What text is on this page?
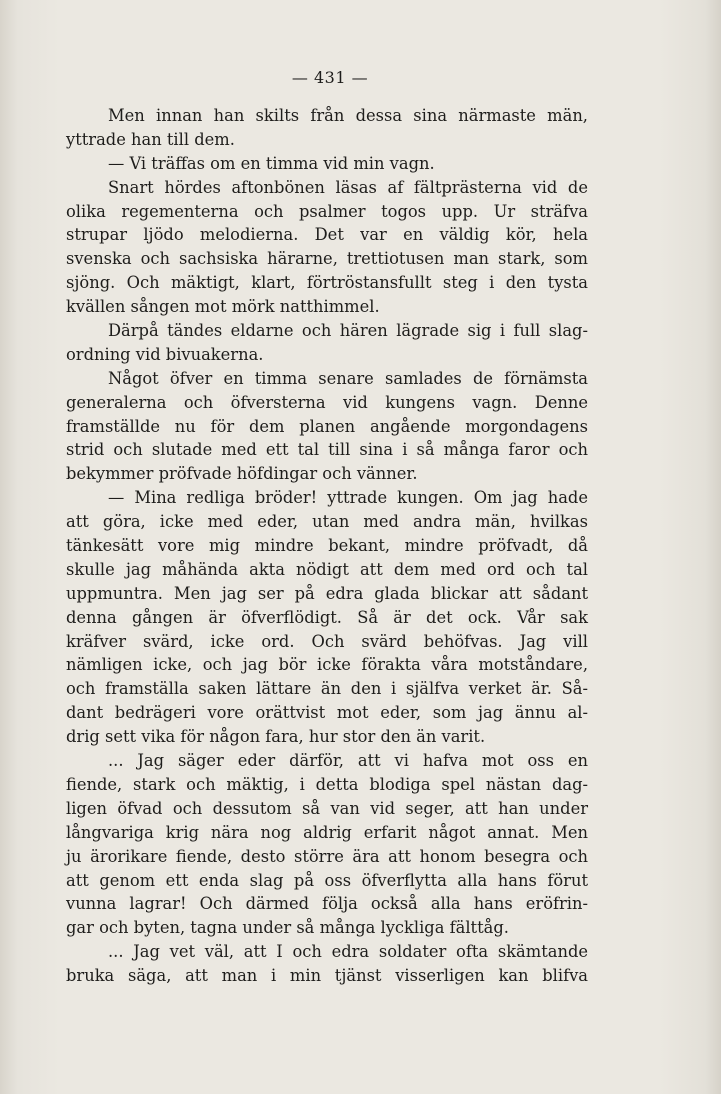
— 431 —
Men innan han skilts från dessa sina närmaste män,
yttrade han till dem.
— Vi träffas om en timma vid min vagn.
Snart hördes aftonbönen läsas af fältprästerna vid de
olika regementerna och psalmer togos upp. Ur sträfva
strupar ljödo melodierna. Det var en väldig kör, hela
svenska och sachsiska härarne, trettiotusen man stark, som
sjöng. Och mäktigt, klart, förtröstansfullt steg i den tysta
kvällen sången mot mörk natthimmel.
Därpå tändes eldarne och hären lägrade sig i full slag-
ordning vid bivuakerna.
Något öfver en timma senare samlades de förnämsta
generalerna och öfversterna vid kungens vagn. Denne
framställde nu för dem planen angående morgondagens
strid och slutade med ett tal till sina i så många faror och
bekymmer pröfvade höfdingar och vänner.
— Mina redliga bröder! yttrade kungen. Om jag hade
att göra, icke med eder, utan med andra män, hvilkas
tänkesätt vore mig mindre bekant, mindre pröfvadt, då
skulle jag måhända akta nödigt att dem med ord och tal
uppmuntra. Men jag ser på edra glada blickar att sådant
denna gången är öfverflödigt. Så är det ock. Vår sak
kräfver svärd, icke ord. Och svärd behöfvas. Jag vill
nämligen icke, och jag bör icke förakta våra motståndare,
och framställa saken lättare än den i själfva verket är. Så-
dant bedrägeri vore orättvist mot eder, som jag ännu al-
drig sett vika för någon fara, hur stor den än varit.
... Jag säger eder därför, att vi hafva mot oss en
fiende, stark och mäktig, i detta blodiga spel nästan dag-
ligen öfvad och dessutom så van vid seger, att han under
långvariga krig nära nog aldrig erfarit något annat. Men
ju ärorikare fiende, desto större ära att honom besegra och
att genom ett enda slag på oss öfverflytta alla hans förut
vunna lagrar! Och därmed följa också alla hans eröfrin-
gar och byten, tagna under så många lyckliga fälttåg.
... Jag vet väl, att I och edra soldater ofta skämtande
bruka säga, att man i min tjänst visserligen kan blifva
